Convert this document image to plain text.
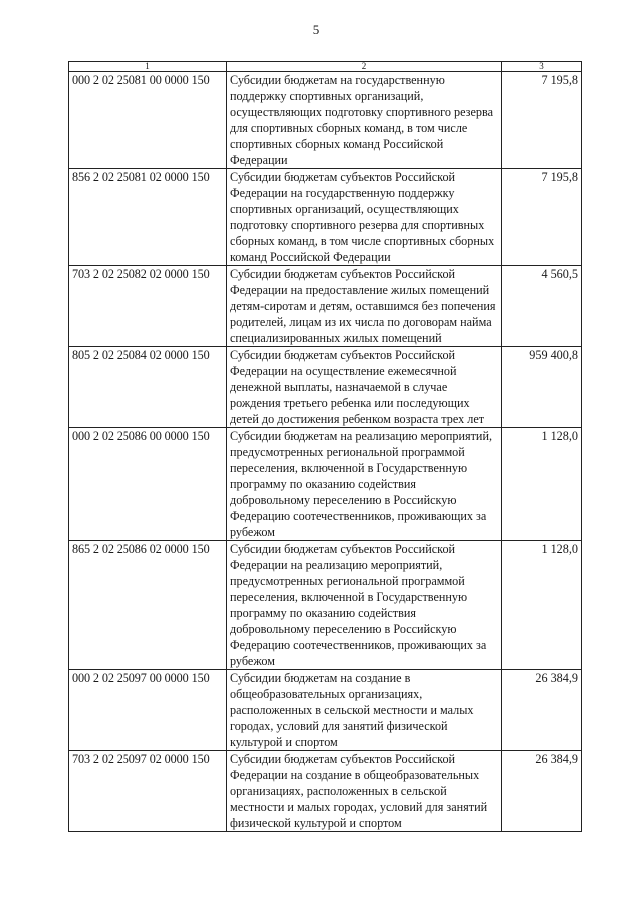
5
1	2	3
000 2 02 25081 00 0000 150	Субсидии бюджетам на государственную поддержку спортивных организаций, осуществляющих подготовку спортивного резерва для спортивных сборных команд, в том числе спортивных сборных команд Российской Федерации	7 195,8
856 2 02 25081 02 0000 150	Субсидии бюджетам субъектов Российской Федерации на государственную поддержку спортивных организаций, осуществляющих подготовку спортивного резерва для спортивных сборных команд, в том числе спортивных сборных команд Российской Федерации	7 195,8
703 2 02 25082 02 0000 150	Субсидии бюджетам субъектов Российской Федерации на предоставление жилых помещений детям-сиротам и детям, оставшимся без попечения родителей, лицам из их числа по договорам найма специализированных жилых помещений	4 560,5
805 2 02 25084 02 0000 150	Субсидии бюджетам субъектов Российской Федерации на осуществление ежемесячной денежной выплаты, назначаемой в случае рождения третьего ребенка или последующих детей до достижения ребенком возраста трех лет	959 400,8
000 2 02 25086 00 0000 150	Субсидии бюджетам на реализацию мероприятий, предусмотренных региональной программой переселения, включенной в Государственную программу по оказанию содействия добровольному переселению в Российскую Федерацию соотечественников, проживающих за рубежом	1 128,0
865 2 02 25086 02 0000 150	Субсидии бюджетам субъектов Российской Федерации на реализацию мероприятий, предусмотренных региональной программой переселения, включенной в Государственную программу по оказанию содействия добровольному переселению в Российскую Федерацию соотечественников, проживающих за рубежом	1 128,0
000 2 02 25097 00 0000 150	Субсидии бюджетам на создание в общеобразовательных организациях, расположенных в сельской местности и малых городах, условий для занятий физической культурой и спортом	26 384,9
703 2 02 25097 02 0000 150	Субсидии бюджетам субъектов Российской Федерации на создание в общеобразовательных организациях, расположенных в сельской местности и малых городах, условий для занятий физической культурой и спортом	26 384,9
